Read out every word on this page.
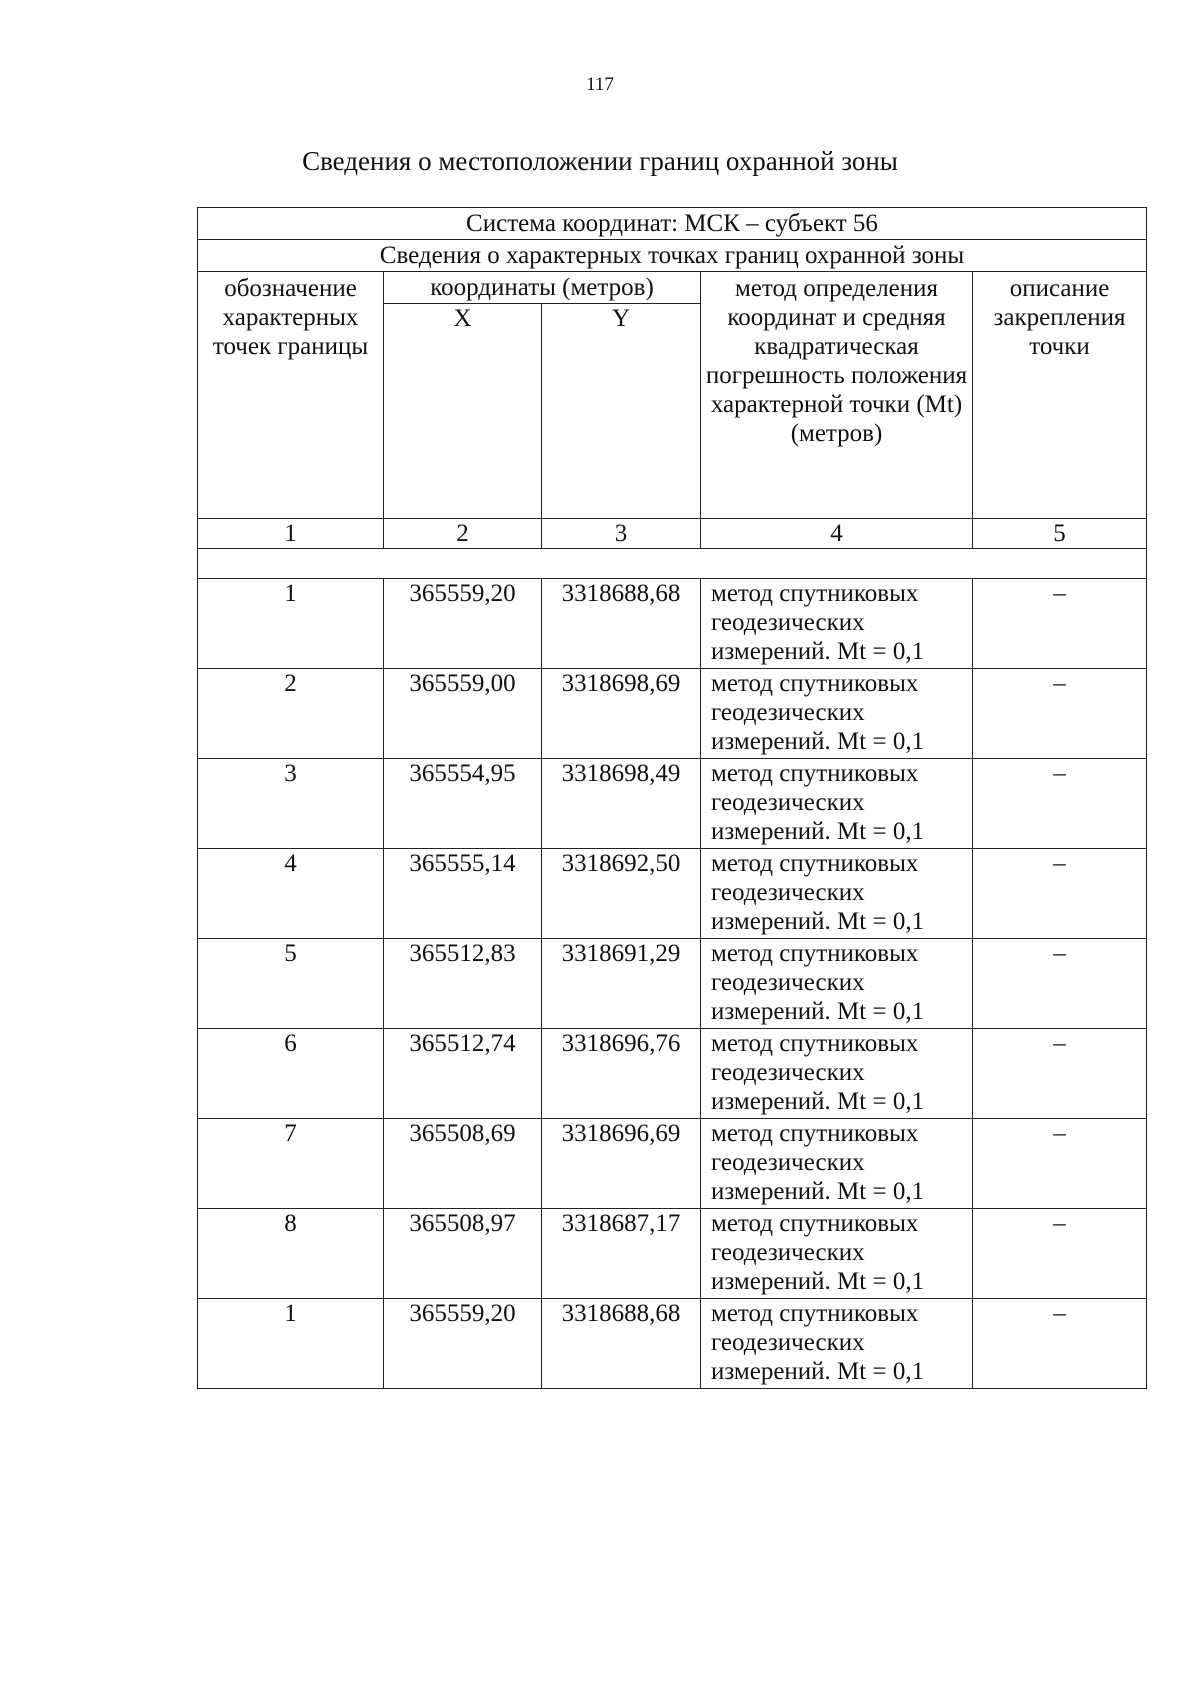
117
Сведения о местоположении границ охранной зоны
Система координат: МСК – субъект 56				
Сведения о характерных точках границ охранной зоны				
обозначение характерных точек границы	координаты (метров)		метод определения координат и средняя квадратическая погрешность положения характерной точки (Mt) (метров)	описание закрепления точки
	X	Y		
1	2	3	4	5

1	365559,20	3318688,68	метод спутниковых геодезических измерений. Mt = 0,1	–
2	365559,00	3318698,69	метод спутниковых геодезических измерений. Mt = 0,1	–
3	365554,95	3318698,49	метод спутниковых геодезических измерений. Mt = 0,1	–
4	365555,14	3318692,50	метод спутниковых геодезических измерений. Mt = 0,1	–
5	365512,83	3318691,29	метод спутниковых геодезических измерений. Mt = 0,1	–
6	365512,74	3318696,76	метод спутниковых геодезических измерений. Mt = 0,1	–
7	365508,69	3318696,69	метод спутниковых геодезических измерений. Mt = 0,1	–
8	365508,97	3318687,17	метод спутниковых геодезических измерений. Mt = 0,1	–
1	365559,20	3318688,68	метод спутниковых геодезических измерений. Mt = 0,1	–
